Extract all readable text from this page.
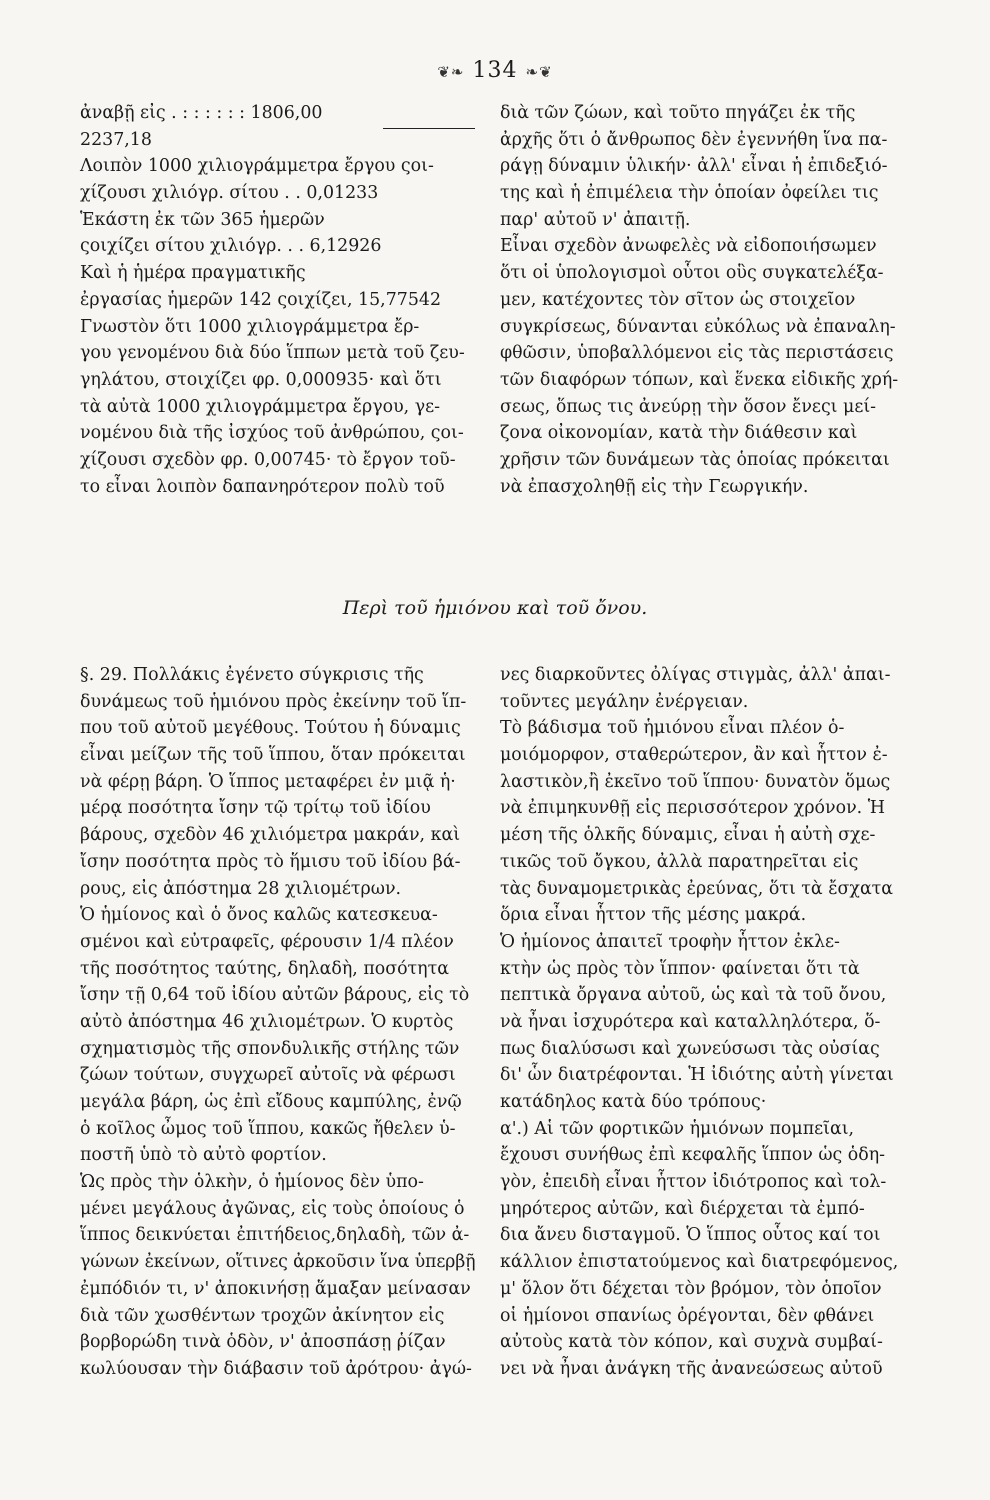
❦❧ 134 ❧❦
ἀναβῇ εἰς . : : : : : : 1806,00
2237,18
Λοιπὸν 1000 χιλιογράμμετρα ἔργου ςοι-
χίζουσι χιλιόγρ. σίτου . . 0,01233
Ἑκάστη ἐκ τῶν 365 ἡμερῶν
ςοιχίζει σίτου χιλιόγρ. . . 6,12926
Καὶ ἡ ἡμέρα πραγματικῆς
ἐργασίας ἡμερῶν 142 ςοιχίζει, 15,77542
Γνωστὸν ὅτι 1000 χιλιογράμμετρα ἔρ-
γου γενομένου διὰ δύο ἵππων μετὰ τοῦ ζευ-
γηλάτου, στοιχίζει φρ. 0,000935· καὶ ὅτι
τὰ αὐτὰ 1000 χιλιογράμμετρα ἔργου, γε-
νομένου διὰ τῆς ἰσχύος τοῦ ἀνθρώπου, ςοι-
χίζουσι σχεδὸν φρ. 0,00745· τὸ ἔργον τοῦ-
το εἶναι λοιπὸν δαπανηρότερον πολὺ τοῦ
διὰ τῶν ζώων, καὶ τοῦτο πηγάζει ἐκ τῆς
ἀρχῆς ὅτι ὁ ἄνθρωπος δὲν ἐγεννήθη ἵνα πα-
ράγῃ δύναμιν ὑλικήν· ἀλλ' εἶναι ἡ ἐπιδεξιό-
της καὶ ἡ ἐπιμέλεια τὴν ὁποίαν ὀφείλει τις
παρ' αὐτοῦ ν' ἀπαιτῇ.
Εἶναι σχεδὸν ἀνωφελὲς νὰ εἰδοποιήσωμεν
ὅτι οἱ ὑπολογισμοὶ οὗτοι οὓς συγκατελέξα-
μεν, κατέχοντες τὸν σῖτον ὡς στοιχεῖον
συγκρίσεως, δύνανται εὐκόλως νὰ ἐπαναλη-
φθῶσιν, ὑποβαλλόμενοι εἰς τὰς περιστάσεις
τῶν διαφόρων τόπων, καὶ ἕνεκα εἰδικῆς χρή-
σεως, ὅπως τις ἀνεύρῃ τὴν ὅσον ἔνεςι μεί-
ζονα οἰκονομίαν, κατὰ τὴν διάθεσιν καὶ
χρῆσιν τῶν δυνάμεων τὰς ὁποίας πρόκειται
νὰ ἐπασχοληθῇ εἰς τὴν Γεωργικήν.
Περὶ τοῦ ἡμιόνου καὶ τοῦ ὄνου.
§. 29. Πολλάκις ἐγένετο σύγκρισις τῆς
δυνάμεως τοῦ ἡμιόνου πρὸς ἐκείνην τοῦ ἵπ-
που τοῦ αὐτοῦ μεγέθους. Τούτου ἡ δύναμις
εἶναι μείζων τῆς τοῦ ἵππου, ὅταν πρόκειται
νὰ φέρῃ βάρη. Ὁ ἵππος μεταφέρει ἐν μιᾷ ἡ·
μέρᾳ ποσότητα ἴσην τῷ τρίτῳ τοῦ ἰδίου
βάρους, σχεδὸν 46 χιλιόμετρα μακράν, καὶ
ἴσην ποσότητα πρὸς τὸ ἥμισυ τοῦ ἰδίου βά-
ρους, εἰς ἀπόστημα 28 χιλιομέτρων.
Ὁ ἡμίονος καὶ ὁ ὄνος καλῶς κατεσκευα-
σμένοι καὶ εὐτραφεῖς, φέρουσιν 1/4 πλέον
τῆς ποσότητος ταύτης, δηλαδὴ, ποσότητα
ἴσην τῇ 0,64 τοῦ ἰδίου αὐτῶν βάρους, εἰς τὸ
αὐτὸ ἀπόστημα 46 χιλιομέτρων. Ὁ κυρτὸς
σχηματισμὸς τῆς σπονδυλικῆς στήλης τῶν
ζώων τούτων, συγχωρεῖ αὐτοῖς νὰ φέρωσι
μεγάλα βάρη, ὡς ἐπὶ εἴδους καμπύλης, ἐνῷ
ὁ κοῖλος ὦμος τοῦ ἵππου, κακῶς ἤθελεν ὑ-
ποστῆ ὑπὸ τὸ αὐτὸ φορτίον.
Ὡς πρὸς τὴν ὁλκὴν, ὁ ἡμίονος δὲν ὑπο-
μένει μεγάλους ἀγῶνας, εἰς τοὺς ὁποίους ὁ
ἵππος δεικνύεται ἐπιτήδειος,δηλαδὴ, τῶν ἀ-
γώνων ἐκείνων, οἵτινες ἀρκοῦσιν ἵνα ὑπερβῇ
ἐμπόδιόν τι, ν' ἀποκινήσῃ ἅμαξαν μείνασαν
διὰ τῶν χωσθέντων τροχῶν ἀκίνητον εἰς
βορβορώδη τινὰ ὁδὸν, ν' ἀποσπάσῃ ῥίζαν
κωλύουσαν τὴν διάβασιν τοῦ ἀρότρου· ἀγώ-
νες διαρκοῦντες ὀλίγας στιγμὰς, ἀλλ' ἀπαι-
τοῦντες μεγάλην ἐνέργειαν.
Τὸ βάδισμα τοῦ ἡμιόνου εἶναι πλέον ὁ-
μοιόμορφον, σταθερώτερον, ἂν καὶ ἧττον ἐ-
λαστικὸν,ἢ ἐκεῖνο τοῦ ἵππου· δυνατὸν ὅμως
νὰ ἐπιμηκυνθῇ εἰς περισσότερον χρόνον. Ἡ
μέση τῆς ὁλκῆς δύναμις, εἶναι ἡ αὐτὴ σχε-
τικῶς τοῦ ὄγκου, ἀλλὰ παρατηρεῖται εἰς
τὰς δυναμομετρικὰς ἐρεύνας, ὅτι τὰ ἔσχατα
ὅρια εἶναι ἧττον τῆς μέσης μακρά.
Ὁ ἡμίονος ἀπαιτεῖ τροφὴν ἧττον ἐκλε-
κτὴν ὡς πρὸς τὸν ἵππον· φαίνεται ὅτι τὰ
πεπτικὰ ὄργανα αὐτοῦ, ὡς καὶ τὰ τοῦ ὄνου,
νὰ ἦναι ἰσχυρότερα καὶ καταλληλότερα, ὅ-
πως διαλύσωσι καὶ χωνεύσωσι τὰς οὐσίας
δι' ὧν διατρέφονται. Ἡ ἰδιότης αὐτὴ γίνεται
κατάδηλος κατὰ δύο τρόπους·
α'.) Αἱ τῶν φορτικῶν ἡμιόνων πομπεῖαι,
ἔχουσι συνήθως ἐπὶ κεφαλῆς ἵππον ὡς ὁδη-
γὸν, ἐπειδὴ εἶναι ἧττον ἰδιότροπος καὶ τολ-
μηρότερος αὐτῶν, καὶ διέρχεται τὰ ἐμπό-
δια ἄνευ δισταγμοῦ. Ὁ ἵππος οὗτος καί τοι
κάλλιον ἐπιστατούμενος καὶ διατρεφόμενος,
μ' ὅλον ὅτι δέχεται τὸν βρόμον, τὸν ὁποῖον
οἱ ἡμίονοι σπανίως ὀρέγονται, δὲν φθάνει
αὐτοὺς κατὰ τὸν κόπον, καὶ συχνὰ συμβαί-
νει νὰ ἦναι ἀνάγκη τῆς ἀνανεώσεως αὐτοῦ
